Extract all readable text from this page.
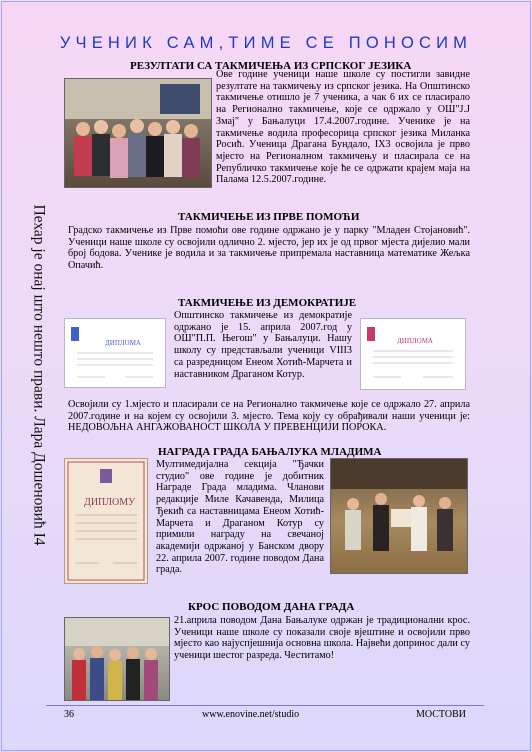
УЧЕНИК САМ,ТИМЕ СЕ ПОНОСИМ
Пехар је онај што нешто прави. Лара Дошеновић I4
РЕЗУЛТАТИ СА ТАКМИЧЕЊА ИЗ СРПСКОГ ЈЕЗИКА
Ове године ученици наше школе су постигли завидне резултате на такмичењу из српског језика. На Општинско такмичење отишло је 7 ученика, а чак 6 их се пласирало на Регионално такмичење, које се одржало у ОШ"Ј.Ј Змај" у Бањалуци 17.4.2007.године. Ученике је на такмичење водила професорица српског језика Миланка Росић. Ученица Драгана Бундало, IX3 освојила је прво мјесто на Регионалном такмичењу и пласирала се на Републичко такмичење које ће се одржати крајем маја на Палама 12.5.2007.године.
ТАКМИЧЕЊЕ ИЗ ПРВЕ ПОМОЋИ
Градско такмичење из Прве помоћи ове године одржано је у парку "Младен Стојановић". Ученици наше школе су освојили одлично 2. мјесто, јер их је од првог мјеста дијелио мали број бодова. Ученике је водила и за такмичење припремала наставница математике Жељка Опачић.
ТАКМИЧЕЊЕ ИЗ ДЕМОКРАТИЈЕ
ДИПЛОМА
Општинско такмичење из демократије одржано је 15. априла 2007.год у ОШ"П.П. Његош" у Бањалуци. Нашу школу су представљали ученици VIII3 са разредницом Енеом Хотић-Марчета и наставником Драганом Котур.
ДИПЛОМА
Освојили су 1.мјесто и пласирали се на Регионално такмичење које се одржало 27. априла 2007.године и на којем су освојили 3. мјесто. Тема коју су обрађивали наши ученици је: НЕДОВОЉНА АНГАЖОВАНОСТ ШКОЛА У ПРЕВЕНЦИЈИ ПОРОКА.
НАГРАДА ГРАДА БАЊАЛУКА МЛАДИМА
ДИПЛОМУ
Мултимедијална секција "Ђачки студио" ове године је добитник Награде Града младима. Чланови редакције Миле Качавенда, Милица Ђекић са наставницама Енеом Хотић-Марчета и Драганом Котур су примили награду на свечаној академији одржаној у Банском двору 22. априла 2007. године поводом Дана града.
КРОС ПОВОДОМ ДАНА ГРАДА
21.априла поводом Дана Бањалуке одржан је традиционални крос. Ученици наше школе су показали своје вјештине и освојили прво мјесто као најуспјешнија основна школа. Највећи допринос дали су ученици шестог разреда. Честитамо!
36	www.enovine.net/studio	МОСТОВИ
